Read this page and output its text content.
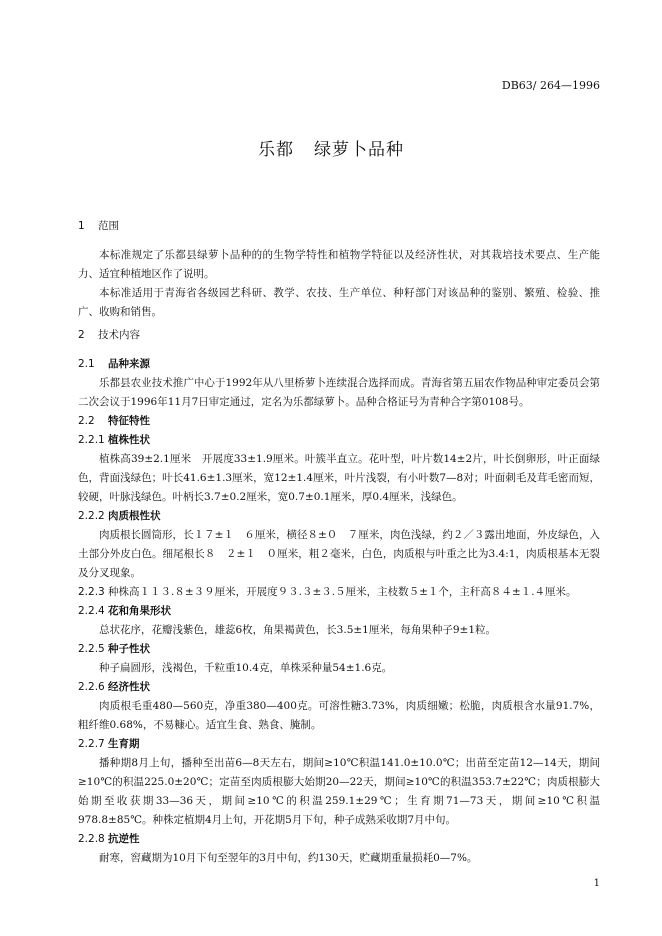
DB63/ 264—1996
乐都 绿萝卜品种

1 范围

本标准规定了乐都县绿萝卜品种的的生物学特性和植物学特征以及经济性状，对其栽培技术要点、生产能力、适宜种植地区作了说明。

本标准适用于青海省各级园艺科研、教学、农技、生产单位、种籽部门对该品种的鉴别、繁殖、检验、推广、收购和销售。

2 技术内容

2.1 品种来源

乐都县农业技术推广中心于1992年从八里桥萝卜连续混合选择而成。青海省第五届农作物品种审定委员会第二次会议于1996年11月7日审定通过，定名为乐都绿萝卜。品种合格证号为青种合字第0108号。

2.2 特征特性

2.2.1 植株性状

植株高39±2.1厘米　开展度33±1.9厘米。叶簇半直立。花叶型，叶片数14±2片，叶长倒卵形，叶正面绿色，背面浅绿色；叶长41.6±1.3厘米，宽12±1.4厘米，叶片浅裂，有小叶数7—8对；叶面刺毛及茸毛密而短，较硬，叶脉浅绿色。叶柄长3.7±0.2厘米，宽0.7±0.1厘米，厚0.4厘米，浅绿色。

2.2.2 肉质根性状

肉质根长圆筒形，长１７±１　６厘米，横径８±０　７厘米，肉色浅绿，约２／３露出地面，外皮绿色，入土部分外皮白色。细尾根长８　２±１　０厘米，粗２毫米，白色，肉质根与叶重之比为3.4:1，肉质根基本无裂及分叉现象。

2.2.3 种株高１１３.８±３９厘米，开展度９３.３±３.５厘米，主枝数５±１个，主秆高８４±１.４厘米。

2.2.4 花和角果形状

总状花序，花瓣浅紫色，雄蕊6枚，角果褐黄色，长3.5±1厘米，每角果种子9±1粒。

2.2.5 种子性状

种子扁圆形，浅褐色，千粒重10.4克，单株采种量54±1.6克。

2.2.6 经济性状

肉质根毛重480—560克，净重380—400克。可溶性糖3.73%，肉质细嫩；松脆，肉质根含水量91.7%，粗纤维0.68%，不易糠心。适宜生食、熟食、腌制。

2.2.7 生育期

播种期8月上旬，播种至出苗6—8天左右，期间≥10℃积温141.0±10.0℃；出苗至定苗12—14天，期间≥10℃的积温225.0±20℃；定苗至肉质根膨大始期20—22天，期间≥10℃的积温353.7±22℃；肉质根膨大始期至收获期33—36天，期间≥10℃的积温259.1±29℃；生育期71—73天，期间≥10℃积温978.8±85℃。种株定植期4月上旬，开花期5月下旬，种子成熟采收期7月中旬。

2.2.8 抗逆性

耐寒，窖藏期为10月下旬至翌年的3月中旬，约130天，贮藏期重量损耗0—7%。

1
